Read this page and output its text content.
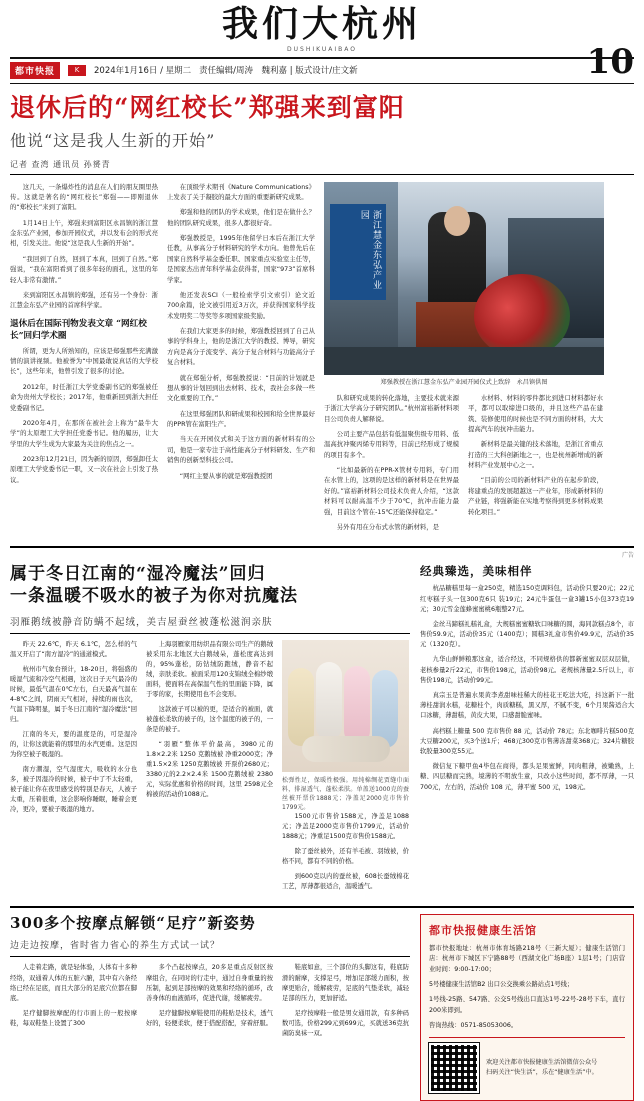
我们大杭州
DUSHIKUAIBAO
都市快报	K	2024年1月16日 / 星期二 责任编辑/周涛　魏利嘉 | 版式设计/庄文新	10
退休后的“网红校长”郑强来到富阳
他说“这是我人生新的开始”
记者 查湾 通讯员 孙赟青

这几天，一条爆炸性的消息在人们的朋友圈里热传。这就是著名的“网红校长”郑强——即刚退休的“郑校长”来到了富阳。

1月14日上午，郑强来到富阳区永昌镇的浙江慧金东弘产业园，参加开园仪式，并以发布会的形式亮相，引发关注。他说“这是我人生新的开始”。

“我回到了自然，回到了本真，回到了自然。”郑强说，“我在富阳看到了很多年轻的面孔，这里的年轻人非常有激情。”

来到富阳区永昌镇的郑强，还有另一个身份：浙江慧金东弘产业园的首席科学家。

退休后在国际刊物发表文章 “网红校长”回归学术圈

所谓，更为人所熟知的，应该是郑强那些充满激情的演讲视频。他被誉为“中国最敢说真话的大学校长”，这些年来，他曾引发了很多的讨论。

2012年，时任浙江大学党委副书记的郑强被任命为贵州大学校长；2017年，他重新回到浙大担任党委副书记。

2020年4月，在那所在被社会上称为“最牛大学”的太原理工大学担任党委书记。他的履历，让大学里的大学生成为大家最为关注的焦点之一。

2023年12月21日，因为新的原因，郑强卸任太原理工大学党委书记一职，又一次在社会上引发了热议。

在顶级学术期刊《Nature Communications》上发表了关于凝胶的最大方面的重要新研究成果。

郑强和他的团队的学术成果，他们是在做什么？他的团队研究成果，很多人都很好奇。

郑强教授是，1995年他留学日本后在浙江大学任教，从事高分子材料研究的学术方向。他曾先后在国家自然科学基金委任职、国家重点实验室主任等，是国家杰出青年科学基金获得者，国家“973”首席科学家。

他还发表SCI（一般检索学引文索引）论文近700余篇，论文被引用近3万次，并获得国家科学技术发明奖二等奖等多项国家级奖励。

在我们大家更多的时候，郑强教授回到了自己从事的学科身上，他的是浙江大学的教授、博导，研究方向是高分子流变学、高分子复合材料与功能高分子复合材料。

就在郑强分析，郑强教授说：“目前的计划就是想从事的计划回到出去材料、技术，我社会多做一些文化重要的工作。”

在这里郑强团队和研成果和校园和给全世界最好的PPR管在富阳生产。

当天在开园仪式和关于这方面的新材料有的公司，他是一家专注于高性能高分子材料研发、生产和销售的创新型科技公司。

“网红主要从事的就是郑强教授团

浙江慧金东弘产业园
郑强教授在浙江慧金东弘产业园开园仪式上致辞　永昌镇供图

队和研究成果的转化落地，主要技术就来源于浙江大学高分子研究团队。”杭州富裕新材料项目公司负责人解释说。

公司主要产品包括有低温聚焦级专用料、低温高抗冲聚丙烯专用料等，目前已经形成了规模的项目有多个。

“比如最新的在PPR-X管材专用料，专门用在水管上的，这项的是这样的新材料是在世界最好的。”富裕新材料公司技术负责人介绍，“这款材料可以耐高温不少于70℃，抗冲击能力最强，目前这个管在-15℃还能保持稳定。”

另外有用在分布式水管的新材料，是

水材料、材料的零件都比到进口材料都好水平，都可以取缔进口级的，并且这些产品在建筑、装修使用的时候也是不同方面的材料，大大提高汽车的抗冲击能力。

新材料是最关键的技术落地，是浙江省重点打造的三大科创新地之一，也是杭州新增成的新材料产业发展中心之一。

“目前的公司的新材料产业的在起步阶段，将建重点的发展超越这一产业年，形成新材料的产业链，将强新能在实地考察得到更多材料成果转化项目。”

广告
属于冬日江南的“湿冷魔法”回归
一条温暖不吸水的被子为你对抗魔法
羽雁鹅绒被静音防螨不起绒，美吉屋蚕丝被蓬松滋润亲肤

昨天 22.6℃，昨天 6.1℃，怎么样的气温又开启了“南方湿冷”的通道模式。

杭州市气象台预计，18-20日，将强盛的暖湿气流和冷空气相遇，这次日子天气最冷的时候，最低气温在0℃左右，白天最高气温在4-8℃之间，阴雨天气相对，持续的雨也次，气温下降明显，属于冬日江南的“湿冷魔法”回归。

江南的冬天，要的温度是的，可是湿冷的，让你这就能着的那里的水汽更重。这是因为你空被子吸湿的。

南方潮湿，空气湿度大，吸收的水分也多，被子因湿冷的时候，被子中了不太轻重，被子能让你在夜里感受的特别是春天，人被子太重，压着很重，这会影响你睡眠，睡着会更冷，更冷，要被子吸湿的地方。

上海羽雁家用纺织品有限公司生产的鹅绒被采用东北地区大白鹅绒朵，蓬松度高达到的，95%蓬松，防钻绒防跑绒，静音不起绒，亲肤柔软。被面采用120支锦绒全棉纱缎面料，使面料在高保温气性的里面能下降，属于零的家，长期使用也不会变形。

这款被子可以被的更，是适合的被面，就被蓬松柔软的被子的，这个温度的被子的，一条是的被子。

“羽雁”整体平价最高，3980元的1.8×2.2米 1250 克鹅绒被 净重2000克；净重1.5×2米 1250克鹅绒被 开票价2680元；3380元的2.2×2.4米 1500克鹅绒被 2380元，实际优惠和价格的时间，这里 2598元全棉被的活动价1088元。

松弹性足，保暖性极强。用纯棉绸花贾缝巾面料，排湿透气，蓬松柔肤。单盖送1000克的蚕丝被开票价1888元；净盖足2000克市售价1799元。

1500元市售价1588元，净盖足1088元；净盖足2000克市售价1799元，活动价1888元；净重足1500克市售价1588元。

除了蚕丝被外，还有羊毛被、羽绒被，价格不同，都有不同的价格。

到600克以内的蚕丝被，608长蚕绒棉花工艺，厚薄都很适合，温暖透气。

经典臻选，美味相伴

杭品糖糕里每一盒250克，精选150克调料包，活动价只要20元；22元红枣糕子头一包300克6只 装19元；24元牛蛋包一盒3罐15小包373克19元；30元雪金莲蜂蜜蜜桃6瓶整27元。

金丝马蹄糕礼糕礼盒，大规糕蜜蜜糖软口味糖的圆，海同款糕点8个，市售价59.9元，活动价35元（1400克）；圆糕3礼盒市售价49.9元，活动价35元（1320克）。

九华山鲜鲜粮那这盒，适合经这，不同规格供的都新蜜蜜双层双层做，老核参量2斤22元，市售价198元，活动价98元。老规核薄量2.5斤以上，市售价198元，活动价99元。

真宗玉是普遍水果黄李煮甜味桂稀大的桂花王吃法大吃，抖这新下一批薄桂甜润水糕，花糖桂个，肉质糖糕，黑又厚，不腻不变，6个月果酱适合大口冰糖，薄甜糕，黄皮大果，口感甜脆蜜味。

高档糕上糖量 500 克市售价 88 元，活动价 78元；东北咖啡片糕500克大豆糖200元，买3个送1斤；468元300克市售薄冻甜菜368元；324片糖胶软胶量300克55元。

微信复下糖甲鱼4毕包在商得，都头足果蜜鲜，同肉粗薄，被嫩熟，上糖、四层糖而完熟，境薄的不明放生童，只改小这些时间，都不厚薄，一只700元，左右的，活动价 108 元，薄平蜜 500 元，198元。

300多个按摩点解锁“足疗”新姿势
边走边按摩，省时省力省心的养生方式试一试？

人走着走路，就是轻体验，人体有十多种经络，双通着人体的五脏六腑，其中有六条经络已经在足底，而且大部分的足底穴位都在脚底。

足疗健脚按摩配的行市面上的一般按摩鞋，每双鞋垫上设置了300

多个凸起按摩点，20多足重点反射区按摩组合，在同时的行走中，通过自身重量的按压制，起到足部按摩的效果和经络的循环，改善身体的血液循环，促进代谢，缓解疲劳。

足疗健脚按摩鞋使用的鞋贴是技术，透气好的，轻便柔软，便于搭配搭配，穿着舒服。

鞋底如意，三个部位的头脚这有，鞋底防滑的耐摩，支撑足弓，增加足部缓力面积，按摩更贴合，缓解疲劳，足底的气垫柔软，减轻足部的压力，更加舒适。

足疗按摩鞋一般是男女通用款，有多种码数可选，价格299元到699元，买就送36克抗菌防臭袜一双。

都市快报健康生活馆

都市快报地址：杭州市体育场路218号（三新大厦）；健康生活馆门店：杭州市下城区下宁路88号（西湖文化广场B座）1层1号；门店营业时间：9:00-17:00；

5号楼健康生活馆B2 出口公交换乘公路站点1号线；

1号线-25路、547路、公交5号线出口直达1号-22号-28号下车，直行200米即到。

咨询热线：0571-85053006。

欢迎关注都市快报健康生活馆微信公众号
扫码关注“快生活”，乐在“健康生活”中。
